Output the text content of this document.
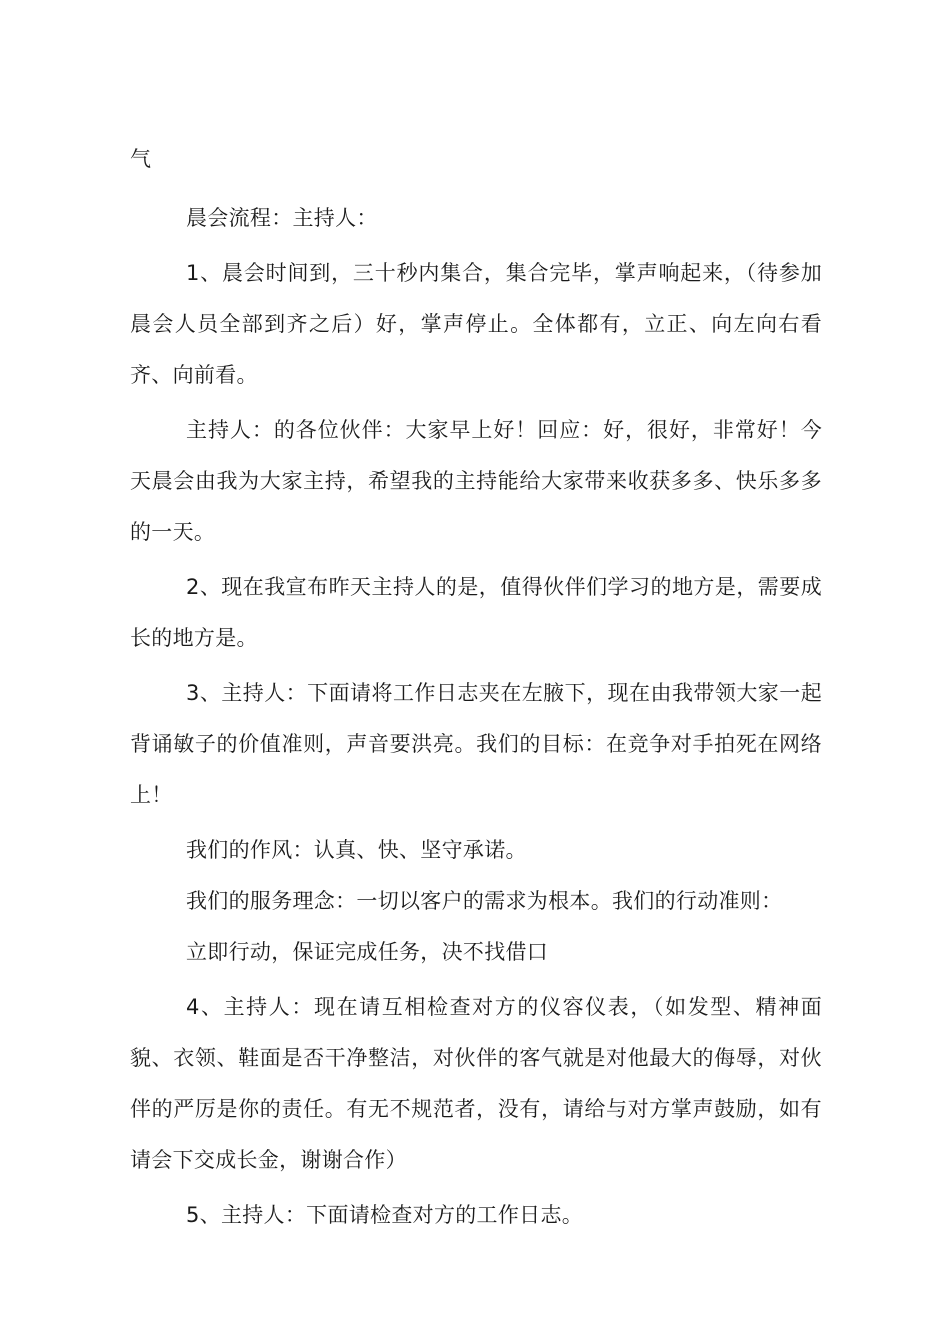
气

晨会流程：主持人：

1、晨会时间到，三十秒内集合，集合完毕，掌声响起来，（待参加晨会人员全部到齐之后）好，掌声停止。全体都有，立正、向左向右看齐、向前看。

主持人：的各位伙伴：大家早上好！回应：好，很好，非常好！今天晨会由我为大家主持，希望我的主持能给大家带来收获多多、快乐多多的一天。

2、现在我宣布昨天主持人的是，值得伙伴们学习的地方是，需要成长的地方是。

3、主持人：下面请将工作日志夹在左腋下，现在由我带领大家一起背诵敏子的价值准则，声音要洪亮。我们的目标：在竞争对手拍死在网络上！

我们的作风：认真、快、坚守承诺。

我们的服务理念：一切以客户的需求为根本。我们的行动准则：

立即行动，保证完成任务，决不找借口

4、主持人：现在请互相检查对方的仪容仪表，（如发型、精神面貌、衣领、鞋面是否干净整洁，对伙伴的客气就是对他最大的侮辱，对伙伴的严厉是你的责任。有无不规范者，没有，请给与对方掌声鼓励，如有请会下交成长金，谢谢合作）

5、主持人：下面请检查对方的工作日志。
